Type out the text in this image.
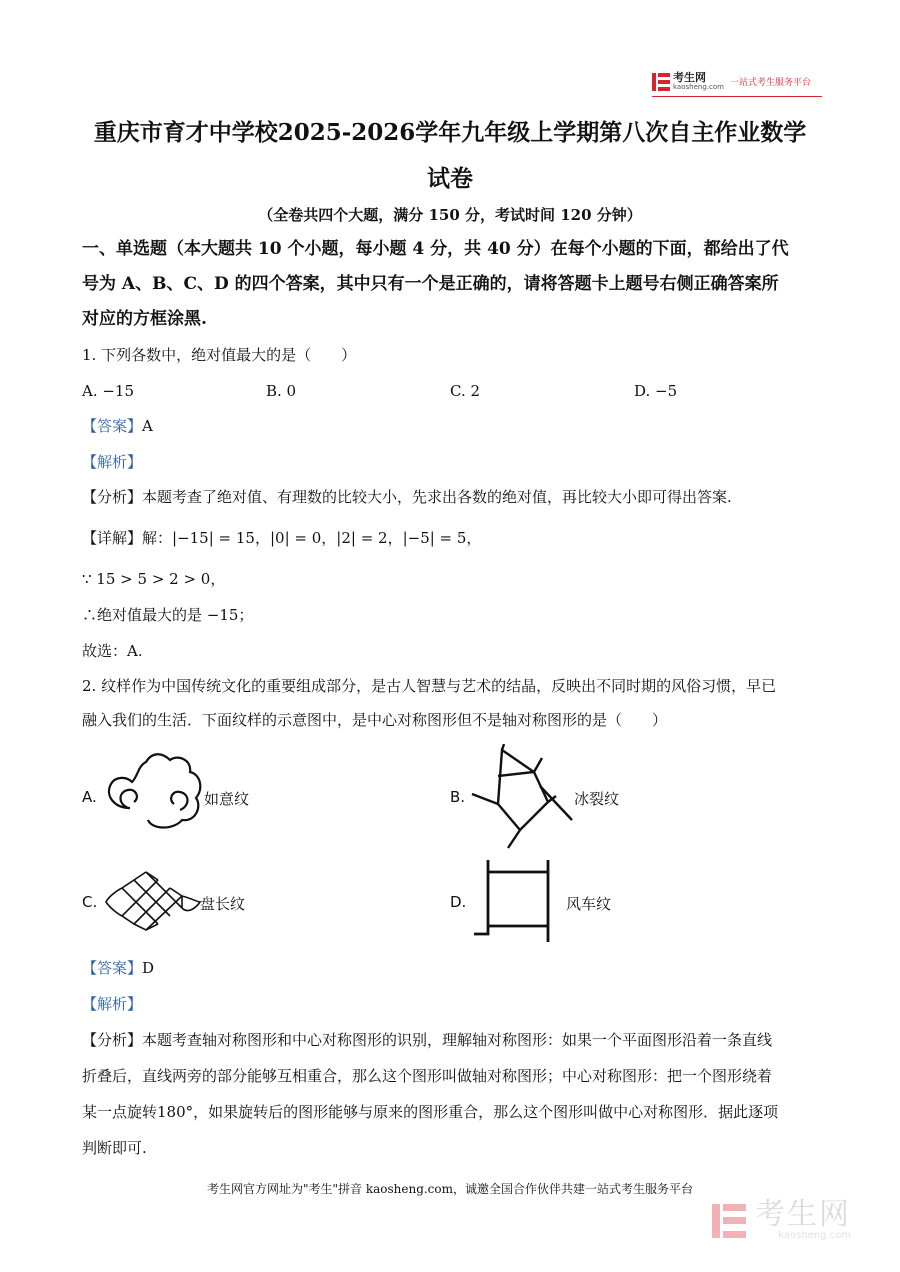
考生网
kaosheng.com 一站式考生服务平台
重庆市育才中学校2025-2026学年九年级上学期第八次自主作业数学
试卷
（全卷共四个大题，满分 150 分，考试时间 120 分钟）
一、单选题（本大题共 10 个小题，每小题 4 分，共 40 分）在每个小题的下面，都给出了代
号为 A、B、C、D 的四个答案，其中只有一个是正确的，请将答题卡上题号右侧正确答案所
对应的方框涂黑.
1. 下列各数中，绝对值最大的是（　　）
A. −15	B. 0	C. 2	D. −5
【答案】A
【解析】
【分析】本题考查了绝对值、有理数的比较大小，先求出各数的绝对值，再比较大小即可得出答案.
【详解】解：|−15| = 15，|0| = 0，|2| = 2，|−5| = 5，
∵ 15 > 5 > 2 > 0，
∴绝对值最大的是 −15；
故选：A.
2. 纹样作为中国传统文化的重要组成部分，是古人智慧与艺术的结晶，反映出不同时期的风俗习惯，早已
融入我们的生活．下面纹样的示意图中，是中心对称图形但不是轴对称图形的是（　　）
A.	如意纹	B.	冰裂纹
C.	盘长纹	D.	风车纹
【答案】D
【解析】
【分析】本题考查轴对称图形和中心对称图形的识别，理解轴对称图形：如果一个平面图形沿着一条直线
折叠后，直线两旁的部分能够互相重合，那么这个图形叫做轴对称图形；中心对称图形：把一个图形绕着
某一点旋转180°，如果旋转后的图形能够与原来的图形重合，那么这个图形叫做中心对称图形．据此逐项
判断即可.
考生网官方网址为"考生"拼音 kaosheng.com，诚邀全国合作伙伴共建一站式考生服务平台
考生网
kaosheng.com
